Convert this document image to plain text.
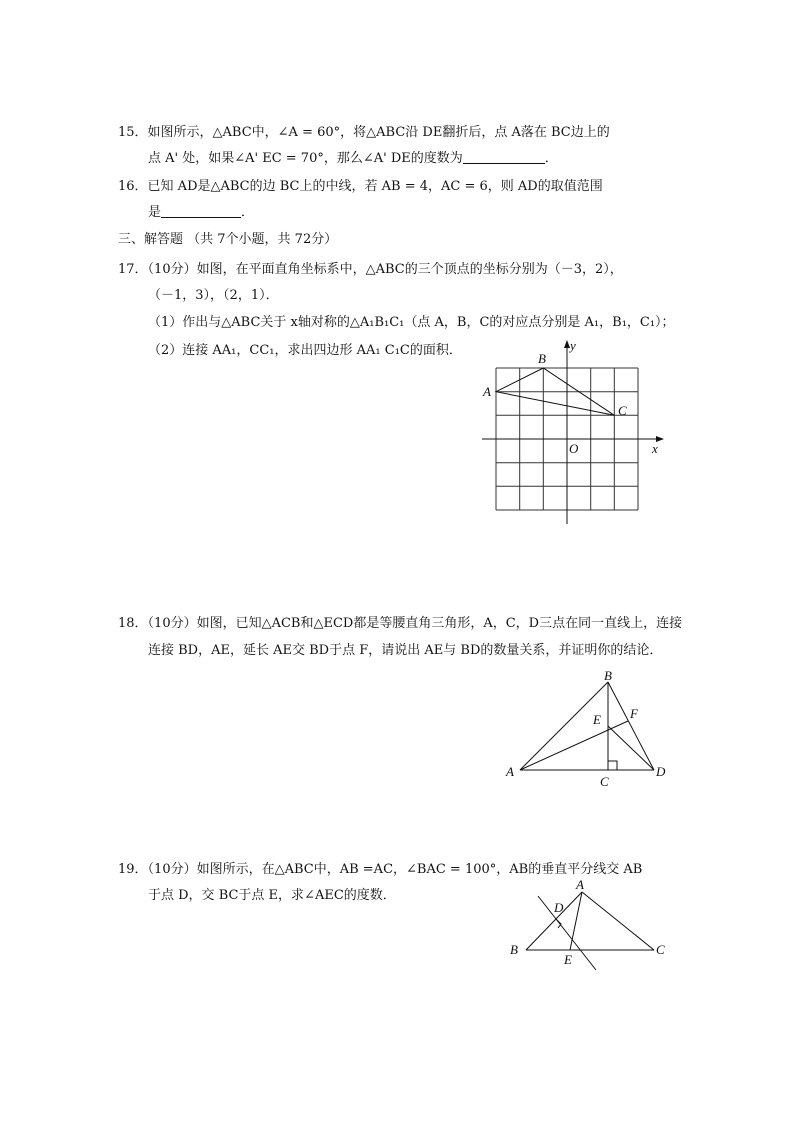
15．如图所示，△ABC中，∠A = 60°，将△ABC沿 DE翻折后，点 A落在 BC边上的
点 A' 处，如果∠A' EC = 70°，那么∠A' DE的度数为	．
16．已知 AD是△ABC的边 BC上的中线，若 AB = 4，AC = 6，则 AD的取值范围
是	．
三、解答题 （共 7个小题，共 72分）
17．（10分）如图，在平面直角坐标系中，△ABC的三个顶点的坐标分别为（－3，2），
（－1，3），（2，1）．
（1）作出与△ABC关于 x轴对称的△A₁B₁C₁（点 A，B，C的对应点分别是 A₁，B₁，C₁）；
（2）连接 AA₁，CC₁，求出四边形 AA₁ C₁C的面积．
A
B
C
O	x
y
18．（10分）如图，已知△ACB和△ECD都是等腰直角三角形，A，C，D三点在同一直线上，连接
连接 BD，AE，延长 AE交 BD于点 F，请说出 AE与 BD的数量关系，并证明你的结论．
A
B
C
D
E F
19．（10分）如图所示，在△ABC中，AB =AC，∠BAC = 100°，AB的垂直平分线交 AB
于点 D，交 BC于点 E，求∠AEC的度数．
A
B	C
D
E
